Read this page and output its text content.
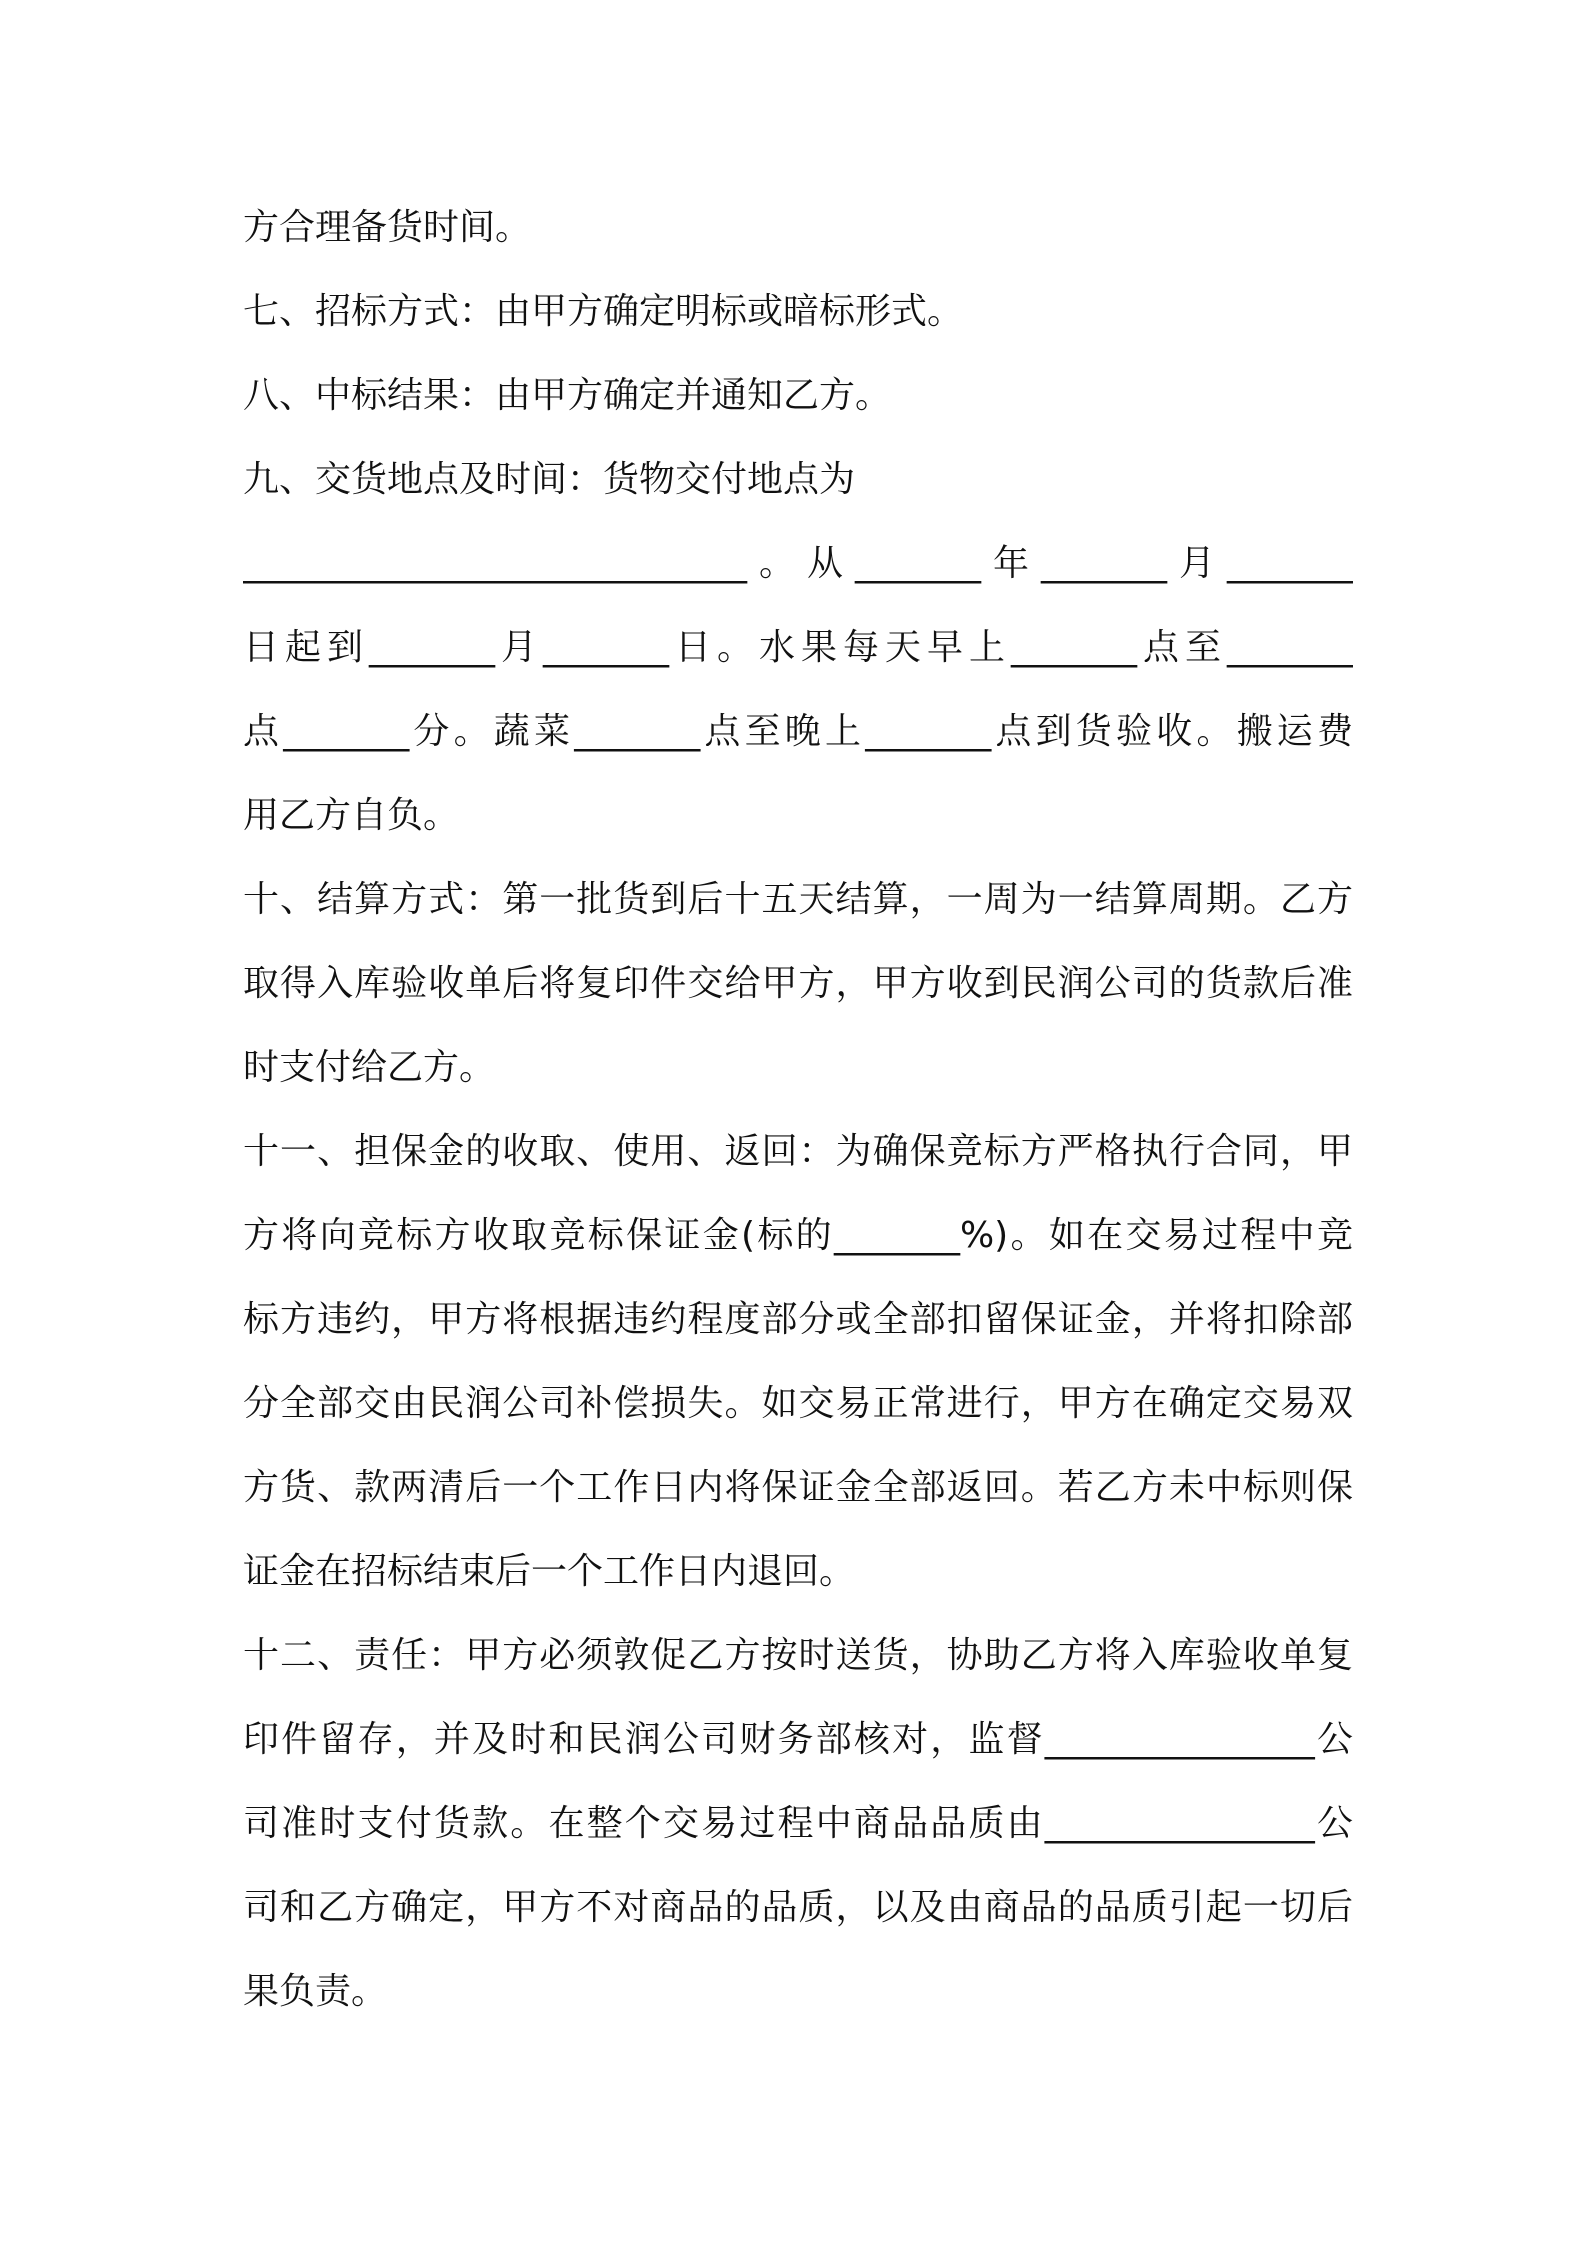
方合理备货时间。
七、招标方式：由甲方确定明标或暗标形式。
八、中标结果：由甲方确定并通知乙方。
九、交货地点及时间：货物交付地点为
____________________________。从_______年_______月_______
日起到_______月_______日。水果每天早上_______点至_______
点_______分。蔬菜_______点至晚上_______点到货验收。搬运费
用乙方自负。
十、结算方式：第一批货到后十五天结算，一周为一结算周期。乙方
取得入库验收单后将复印件交给甲方，甲方收到民润公司的货款后准
时支付给乙方。
十一、担保金的收取、使用、返回：为确保竞标方严格执行合同，甲
方将向竞标方收取竞标保证金(标的_______%)。如在交易过程中竞
标方违约，甲方将根据违约程度部分或全部扣留保证金，并将扣除部
分全部交由民润公司补偿损失。如交易正常进行，甲方在确定交易双
方货、款两清后一个工作日内将保证金全部返回。若乙方未中标则保
证金在招标结束后一个工作日内退回。
十二、责任：甲方必须敦促乙方按时送货，协助乙方将入库验收单复
印件留存，并及时和民润公司财务部核对，监督_______________公
司准时支付货款。在整个交易过程中商品品质由_______________公
司和乙方确定，甲方不对商品的品质，以及由商品的品质引起一切后
果负责。
